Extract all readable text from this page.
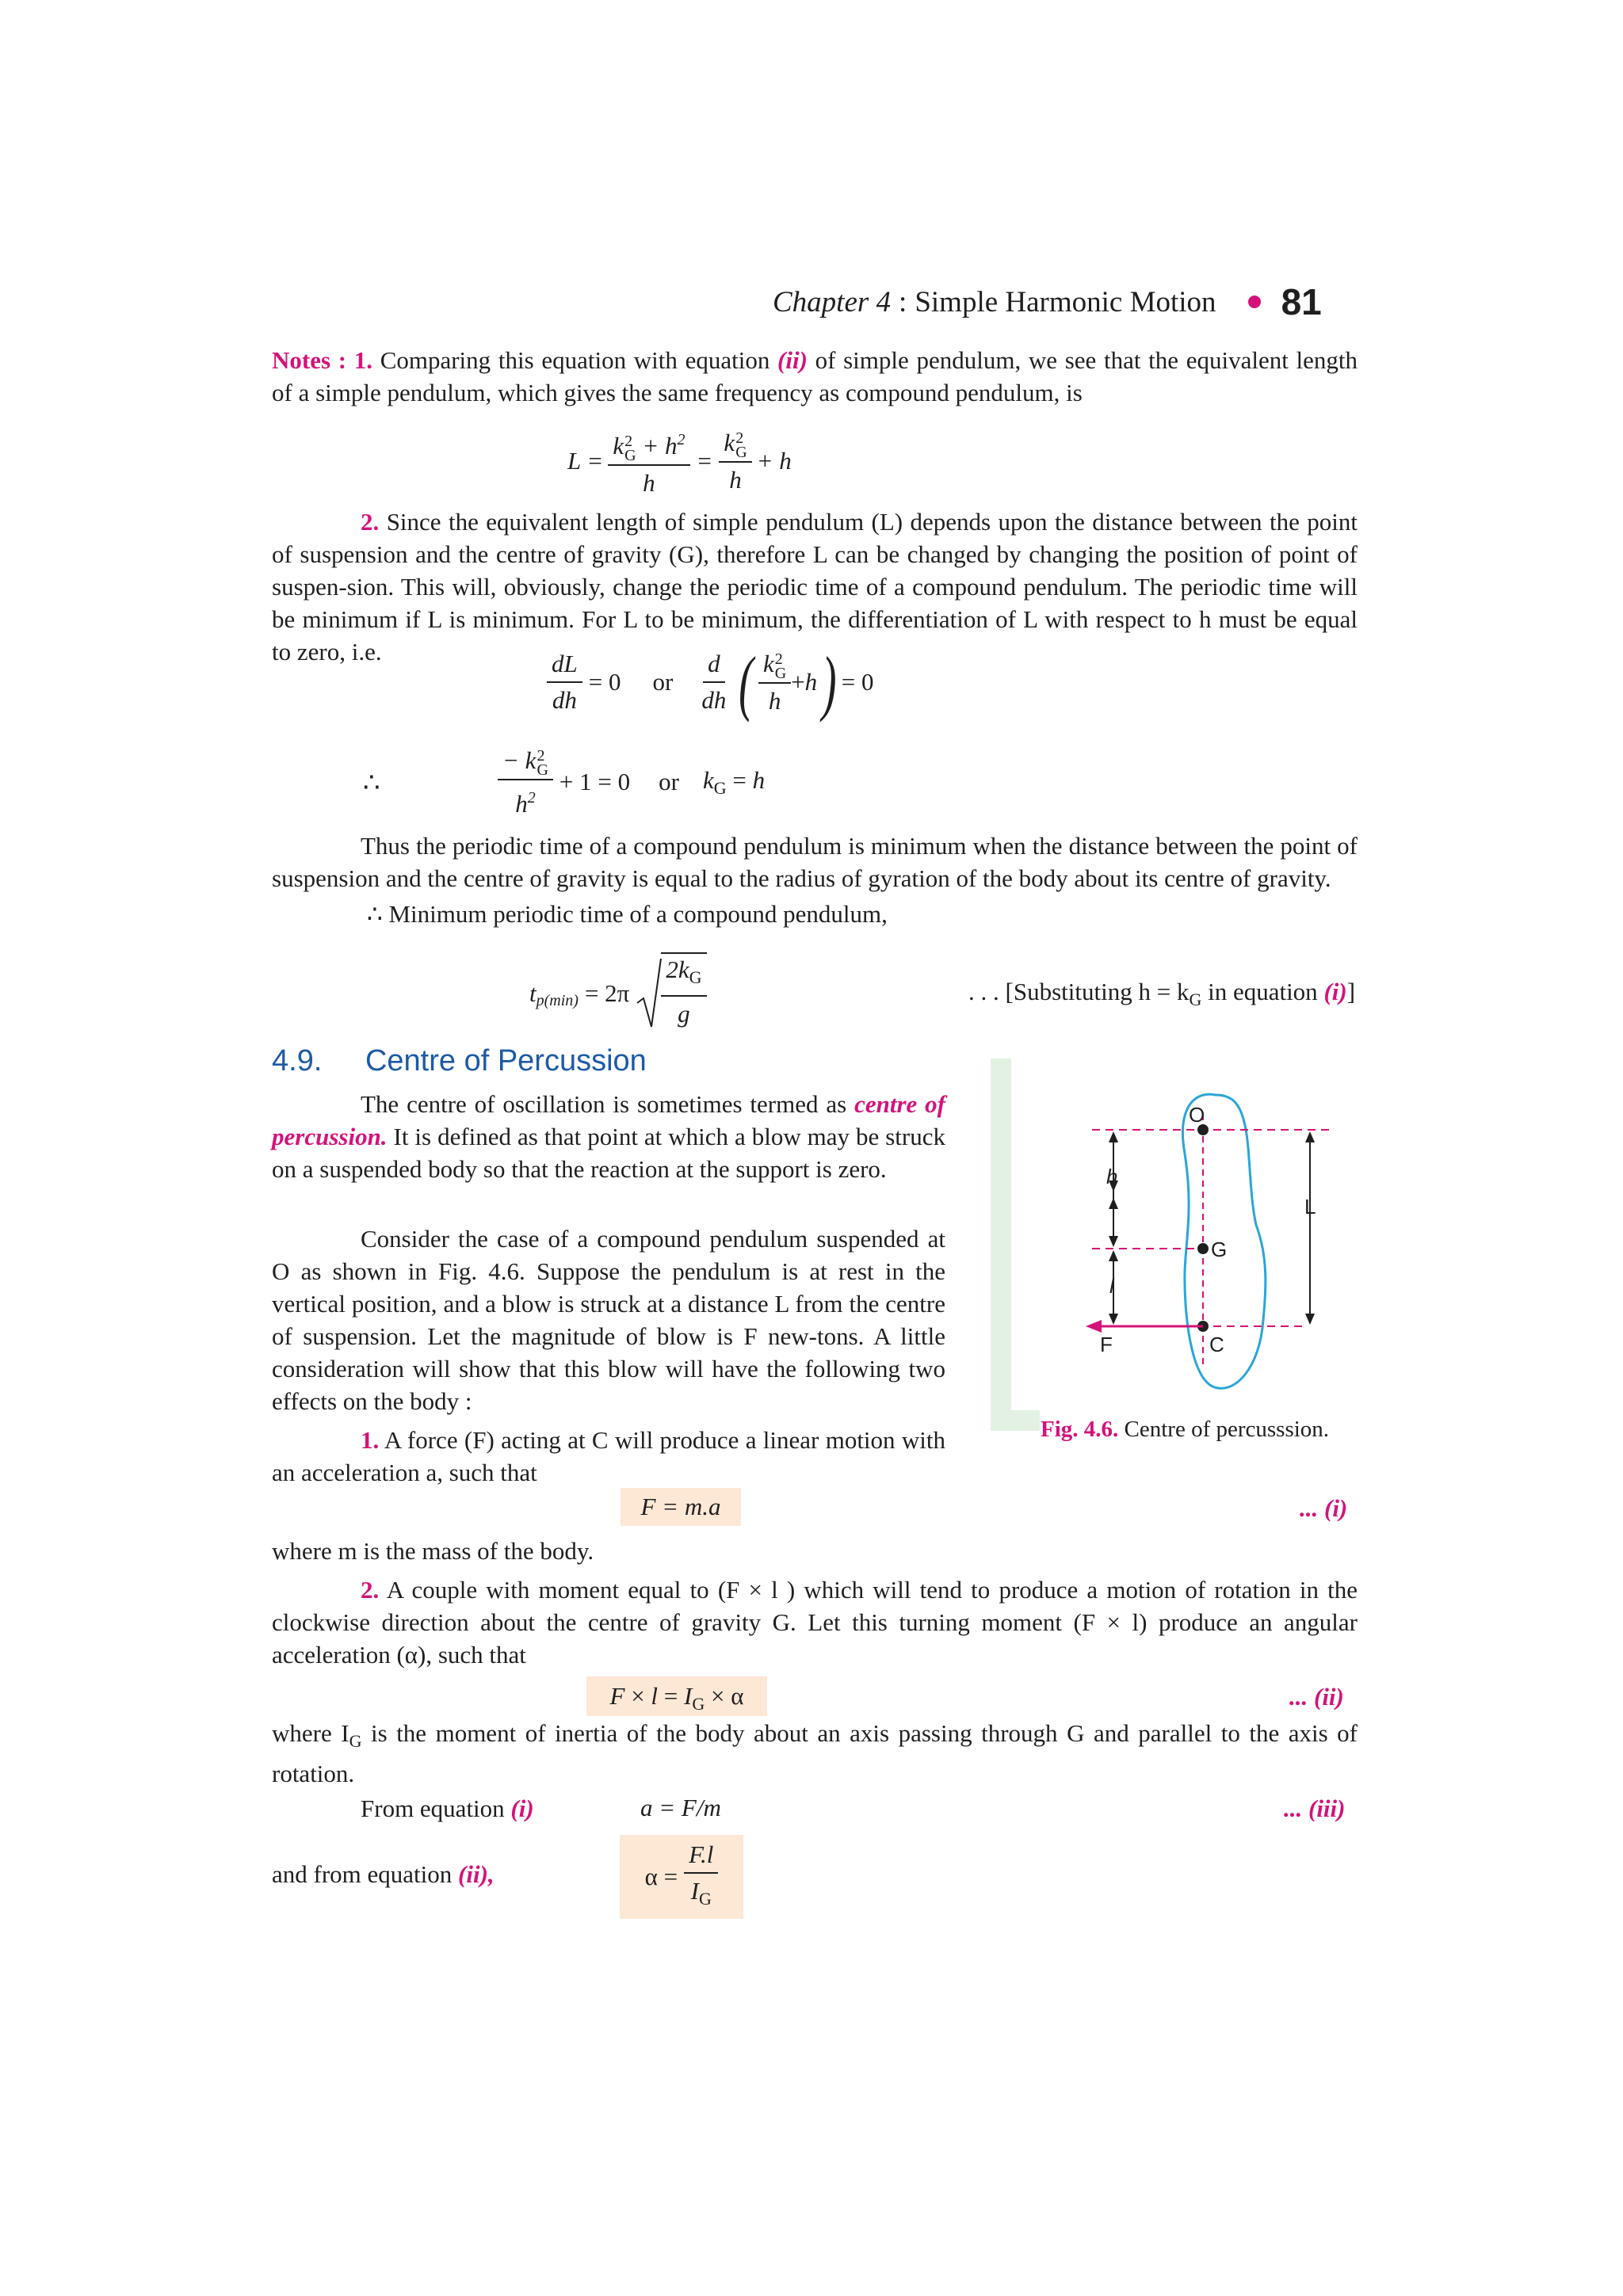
Chapter 4 : Simple Harmonic Motion 81
Notes : 1. Comparing this equation with equation (ii) of simple pendulum, we see that the equivalent length of a simple pendulum, which gives the same frequency as compound pendulum, is
L = k 2
$G + h^2$
h = k 2
G
h + h
2. Since the equivalent length of simple pendulum (L) depends upon the distance between the point of suspension and the centre of gravity (G), therefore L can be changed by changing the position of point of suspen-sion. This will, obviously, change the periodic time of a compound pendulum. The periodic time will be minimum if L is minimum. For L to be minimum, the differentiation of L with respect to h must be equal to zero, i.e.	$\frac{dL}{dh} = 0$ or $\frac{d}{dh}$ ( k 2
G
h + h ) = 0
∴	− k 2
G
$h^2 + 1 = 0$ or $k_G = h$
Thus the periodic time of a compound pendulum is minimum when the distance between the point of suspension and the centre of gravity is equal to the radius of gyration of the body about its centre of gravity.
∴ Minimum periodic time of a compound pendulum,
t $p(\min) = 2\pi \frac{2k_G}{g}$	. . . [Substituting $h = k_G$ in equation (i)]
4.9. Centre of Percussion
The centre of oscillation is sometimes termed as centre of percussion. It is defined as that point at which a blow may be struck on a suspended body so that the reaction at the support is zero.
Consider the case of a compound pendulum suspended at O as shown in Fig. 4.6. Suppose the pendulum is at rest in the vertical position, and a blow is struck at a distance L from the centre of suspension. Let the magnitude of blow is F new-tons. A little consideration will show that this blow will have the following two effects on the body :
1. A force (F) acting at C will produce a linear motion with an acceleration a, such that
F = m.a	... (i)
where m is the mass of the body.
2. A couple with moment equal to (F × l ) which will tend to produce a motion of rotation in the clockwise direction about the centre of gravity G. Let this turning moment (F × l) produce an angular acceleration (α), such that
$F \times l = I_G \times \alpha$	... (ii)
where $I_G$ is the moment of inertia of the body about an axis passing through G and parallel to the axis of rotation.
From equation (i)	a = F/m	... (iii)
and from equation (ii),	$\alpha = \frac{F.l}{I_G}$
O
G
C
h
l
L
F
Fig. 4.6. Centre of percusssion.
